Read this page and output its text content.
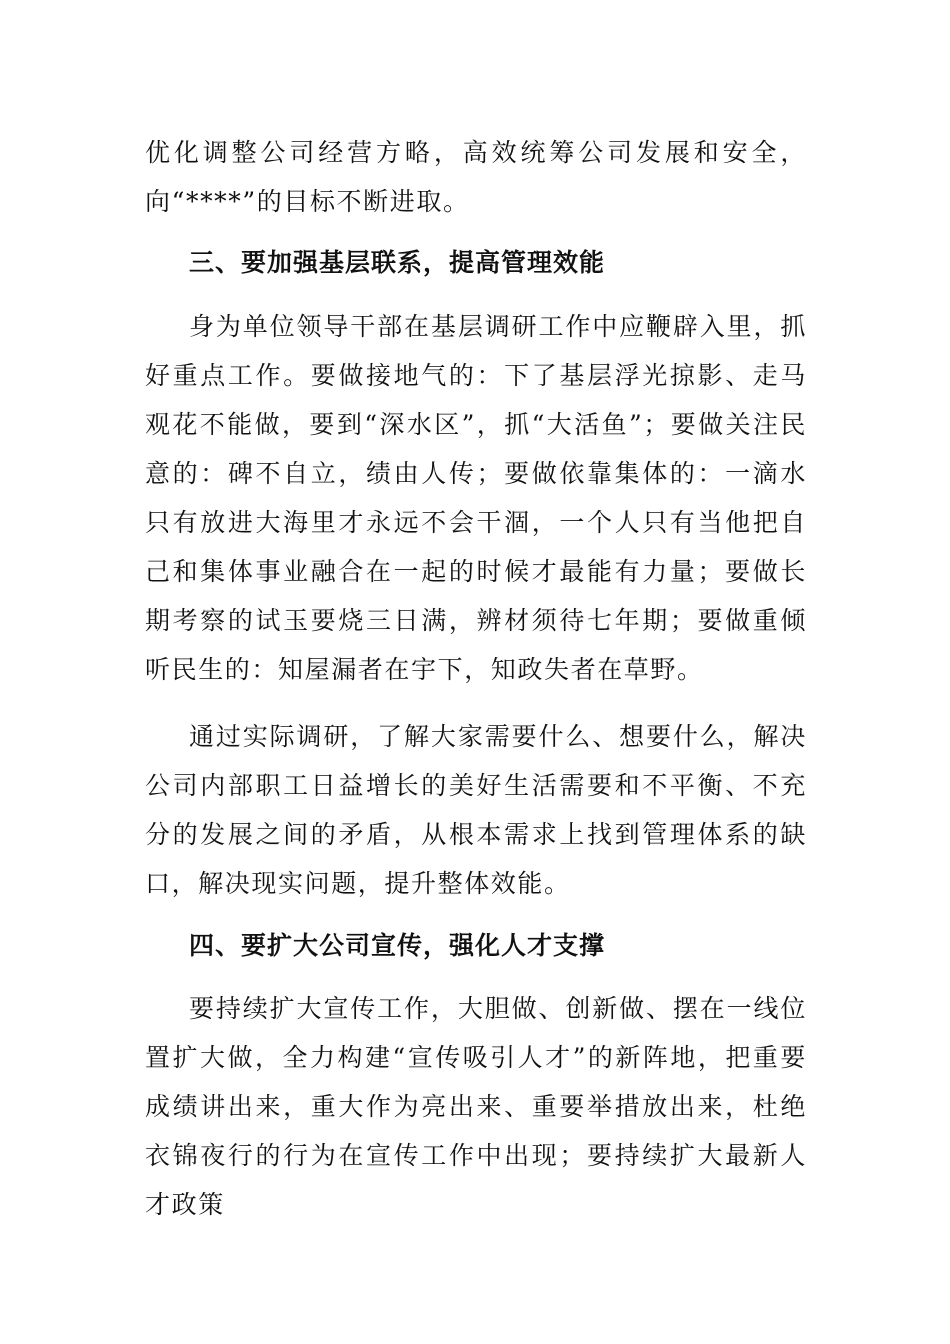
优化调整公司经营方略，高效统筹公司发展和安全，向“****”的目标不断进取。

三、要加强基层联系，提高管理效能

身为单位领导干部在基层调研工作中应鞭辟入里，抓好重点工作。要做接地气的：下了基层浮光掠影、走马观花不能做，要到“深水区”，抓“大活鱼”；要做关注民意的：碑不自立，绩由人传；要做依靠集体的：一滴水只有放进大海里才永远不会干涸，一个人只有当他把自己和集体事业融合在一起的时候才最能有力量；要做长期考察的试玉要烧三日满，辨材须待七年期；要做重倾听民生的：知屋漏者在宇下，知政失者在草野。

通过实际调研，了解大家需要什么、想要什么，解决公司内部职工日益增长的美好生活需要和不平衡、不充分的发展之间的矛盾，从根本需求上找到管理体系的缺口，解决现实问题，提升整体效能。

四、要扩大公司宣传，强化人才支撑

要持续扩大宣传工作，大胆做、创新做、摆在一线位置扩大做，全力构建“宣传吸引人才”的新阵地，把重要成绩讲出来，重大作为亮出来、重要举措放出来，杜绝衣锦夜行的行为在宣传工作中出现；要持续扩大最新人才政策
